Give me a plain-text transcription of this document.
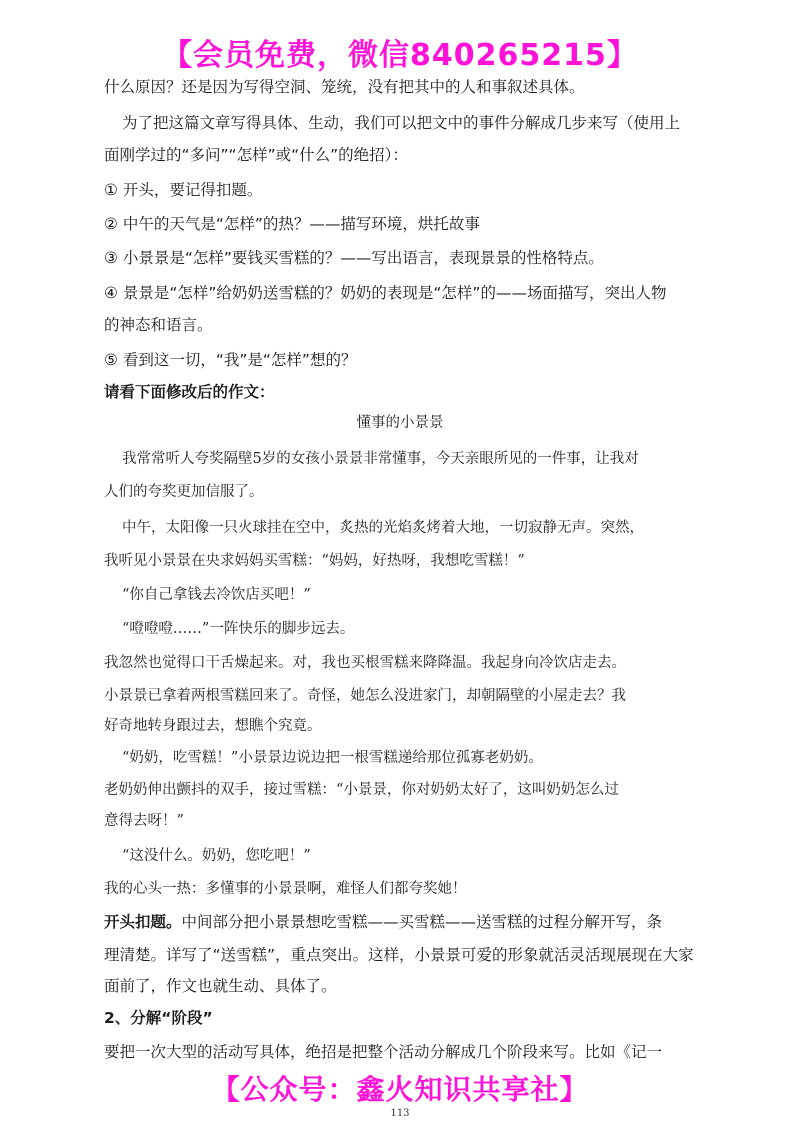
【会员免费，微信840265215】
什么原因？还是因为写得空洞、笼统，没有把其中的人和事叙述具体。
为了把这篇文章写得具体、生动，我们可以把文中的事件分解成几步来写（使用上
面刚学过的“多问”“怎样”或“什么”的绝招）：
① 开头，要记得扣题。
② 中午的天气是“怎样”的热？——描写环境，烘托故事
③ 小景景是“怎样”要钱买雪糕的？——写出语言，表现景景的性格特点。
④ 景景是“怎样”给奶奶送雪糕的？奶奶的表现是“怎样”的——场面描写，突出人物
的神态和语言。
⑤ 看到这一切，“我”是“怎样”想的？
请看下面修改后的作文：
懂事的小景景
我常常听人夸奖隔壁5岁的女孩小景景非常懂事，今天亲眼所见的一件事，让我对
人们的夸奖更加信服了。
中午，太阳像一只火球挂在空中，炙热的光焰炙烤着大地，一切寂静无声。突然，
我听见小景景在央求妈妈买雪糕：“妈妈，好热呀，我想吃雪糕！”
“你自己拿钱去冷饮店买吧！”
“噔噔噔……”一阵快乐的脚步远去。
我忽然也觉得口干舌燥起来。对，我也买根雪糕来降降温。我起身向冷饮店走去。
小景景已拿着两根雪糕回来了。奇怪，她怎么没进家门，却朝隔壁的小屋走去？我
好奇地转身跟过去，想瞧个究竟。
“奶奶，吃雪糕！”小景景边说边把一根雪糕递给那位孤寡老奶奶。
老奶奶伸出颤抖的双手，接过雪糕：“小景景，你对奶奶太好了，这叫奶奶怎么过
意得去呀！”
“这没什么。奶奶，您吃吧！”
我的心头一热：多懂事的小景景啊，难怪人们都夸奖她！
开头扣题。中间部分把小景景想吃雪糕——买雪糕——送雪糕的过程分解开写，条
理清楚。详写了“送雪糕”，重点突出。这样，小景景可爱的形象就活灵活现展现在大家
面前了，作文也就生动、具体了。
2、分解“阶段”
要把一次大型的活动写具体，绝招是把整个活动分解成几个阶段来写。比如《记一
【公众号：鑫火知识共享社】
113
